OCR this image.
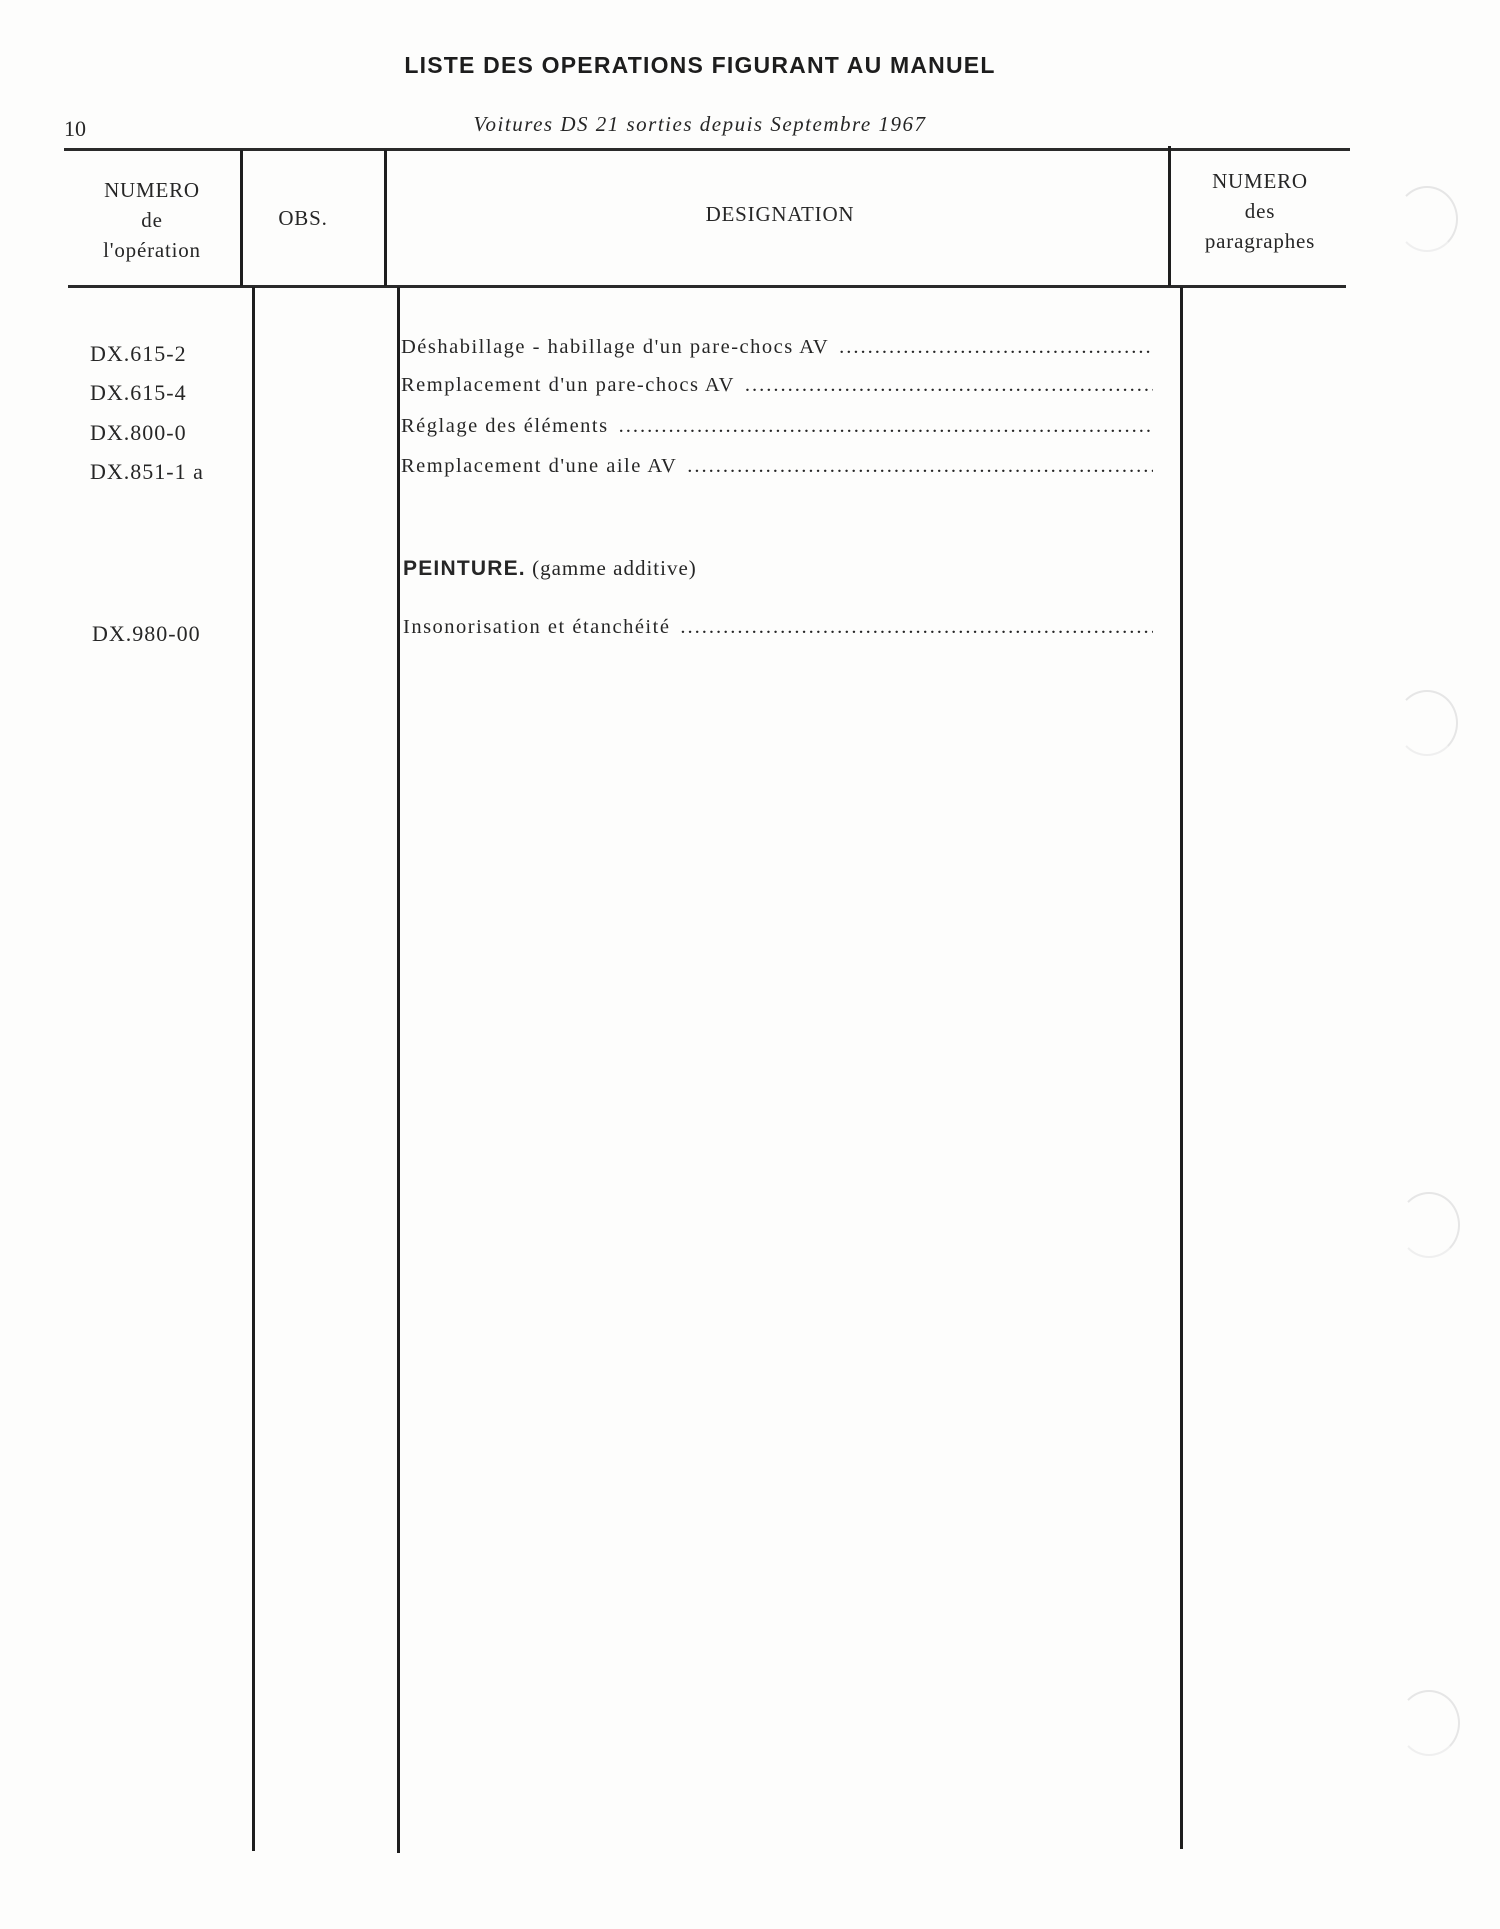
LISTE DES OPERATIONS FIGURANT AU MANUEL
10	Voitures DS 21 sorties depuis Septembre 1967
NUMERO
de
l'opération
OBS.	DESIGNATION
NUMERO
des
paragraphes
DX.615-2	Déshabillage - habillage d'un pare-chocs AV
.....
DX.615-4	Remplacement d'un pare-chocs AV
.....
DX.800-0	Réglage des éléments
.....
DX.851-1 a	Remplacement d'une aile AV
.....
PEINTURE. (gamme additive)
DX.980-00	Insonorisation et étanchéité
.....
